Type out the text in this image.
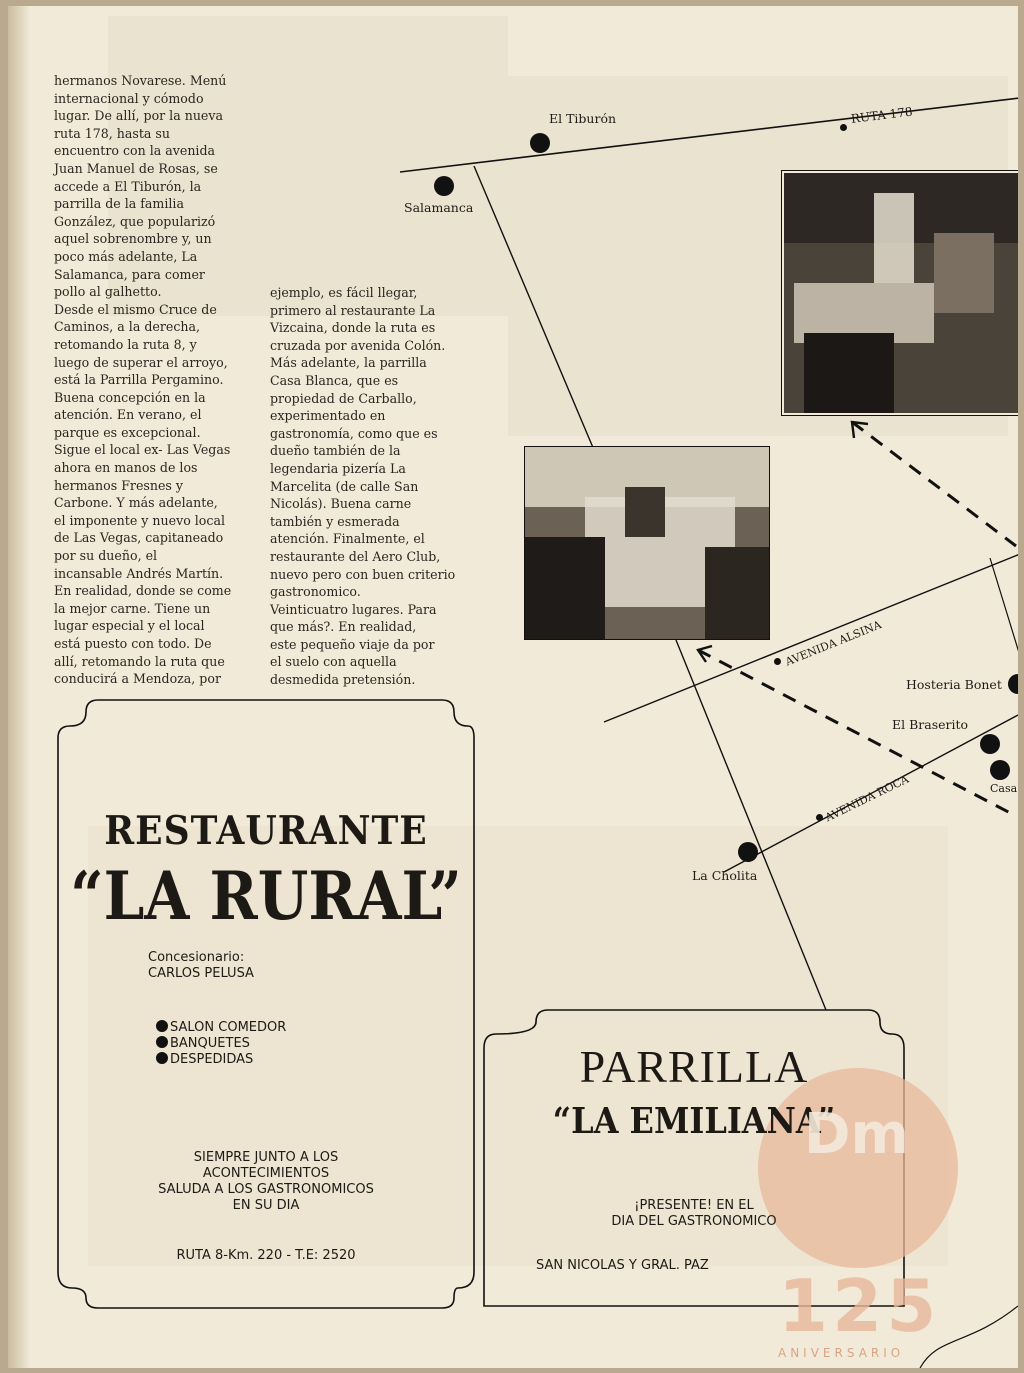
hermanos Novarese. Menú
internacional y cómodo
lugar. De allí, por la nueva
ruta 178, hasta su
encuentro con la avenida
Juan Manuel de Rosas, se
accede a El Tiburón, la
parrilla de la familia
González, que popularizó
aquel sobrenombre y, un
poco más adelante, La
Salamanca, para comer
pollo al galhetto.
Desde el mismo Cruce de
Caminos, a la derecha,
retomando la ruta 8, y
luego de superar el arroyo,
está la Parrilla Pergamino.
Buena concepción en la
atención. En verano, el
parque es excepcional.
Sigue el local ex- Las Vegas
ahora en manos de los
hermanos Fresnes y
Carbone. Y más adelante,
el imponente y nuevo local
de Las Vegas, capitaneado
por su dueño, el
incansable Andrés Martín.
En realidad, donde se come
la mejor carne. Tiene un
lugar especial y el local
está puesto con todo. De
allí, retomando la ruta que
conducirá a Mendoza, por
ejemplo, es fácil llegar,
primero al restaurante La
Vizcaina, donde la ruta es
cruzada por avenida Colón.
Más adelante, la parrilla
Casa Blanca, que es
propiedad de Carballo,
experimentado en
gastronomía, como que es
dueño también de la
legendaria pizería La
Marcelita (de calle San
Nicolás). Buena carne
también y esmerada
atención. Finalmente, el
restaurante del Aero Club,
nuevo pero con buen criterio
gastronomico.
Veinticuatro lugares. Para
que más?. En realidad,
este pequeño viaje da por
el suelo con aquella
desmedida pretensión.
El Tiburón
Salamanca
RUTA 178
AVENIDA ALSINA
AVENIDA ROCA
Hosteria Bonet
El Braserito
Casa
La Cholita
RESTAURANTE
“LA RURAL”
Concesionario:
CARLOS PELUSA
SALON COMEDOR
BANQUETES
DESPEDIDAS
SIEMPRE JUNTO A LOS
ACONTECIMIENTOS
SALUDA A LOS GASTRONOMICOS
EN SU DIA
RUTA 8-Km. 220 - T.E: 2520
PARRILLA
“LA EMILIANA”
¡PRESENTE! EN EL
DIA DEL GASTRONOMICO
SAN NICOLAS Y GRAL. PAZ
Dm
125
ANIVERSARIO
